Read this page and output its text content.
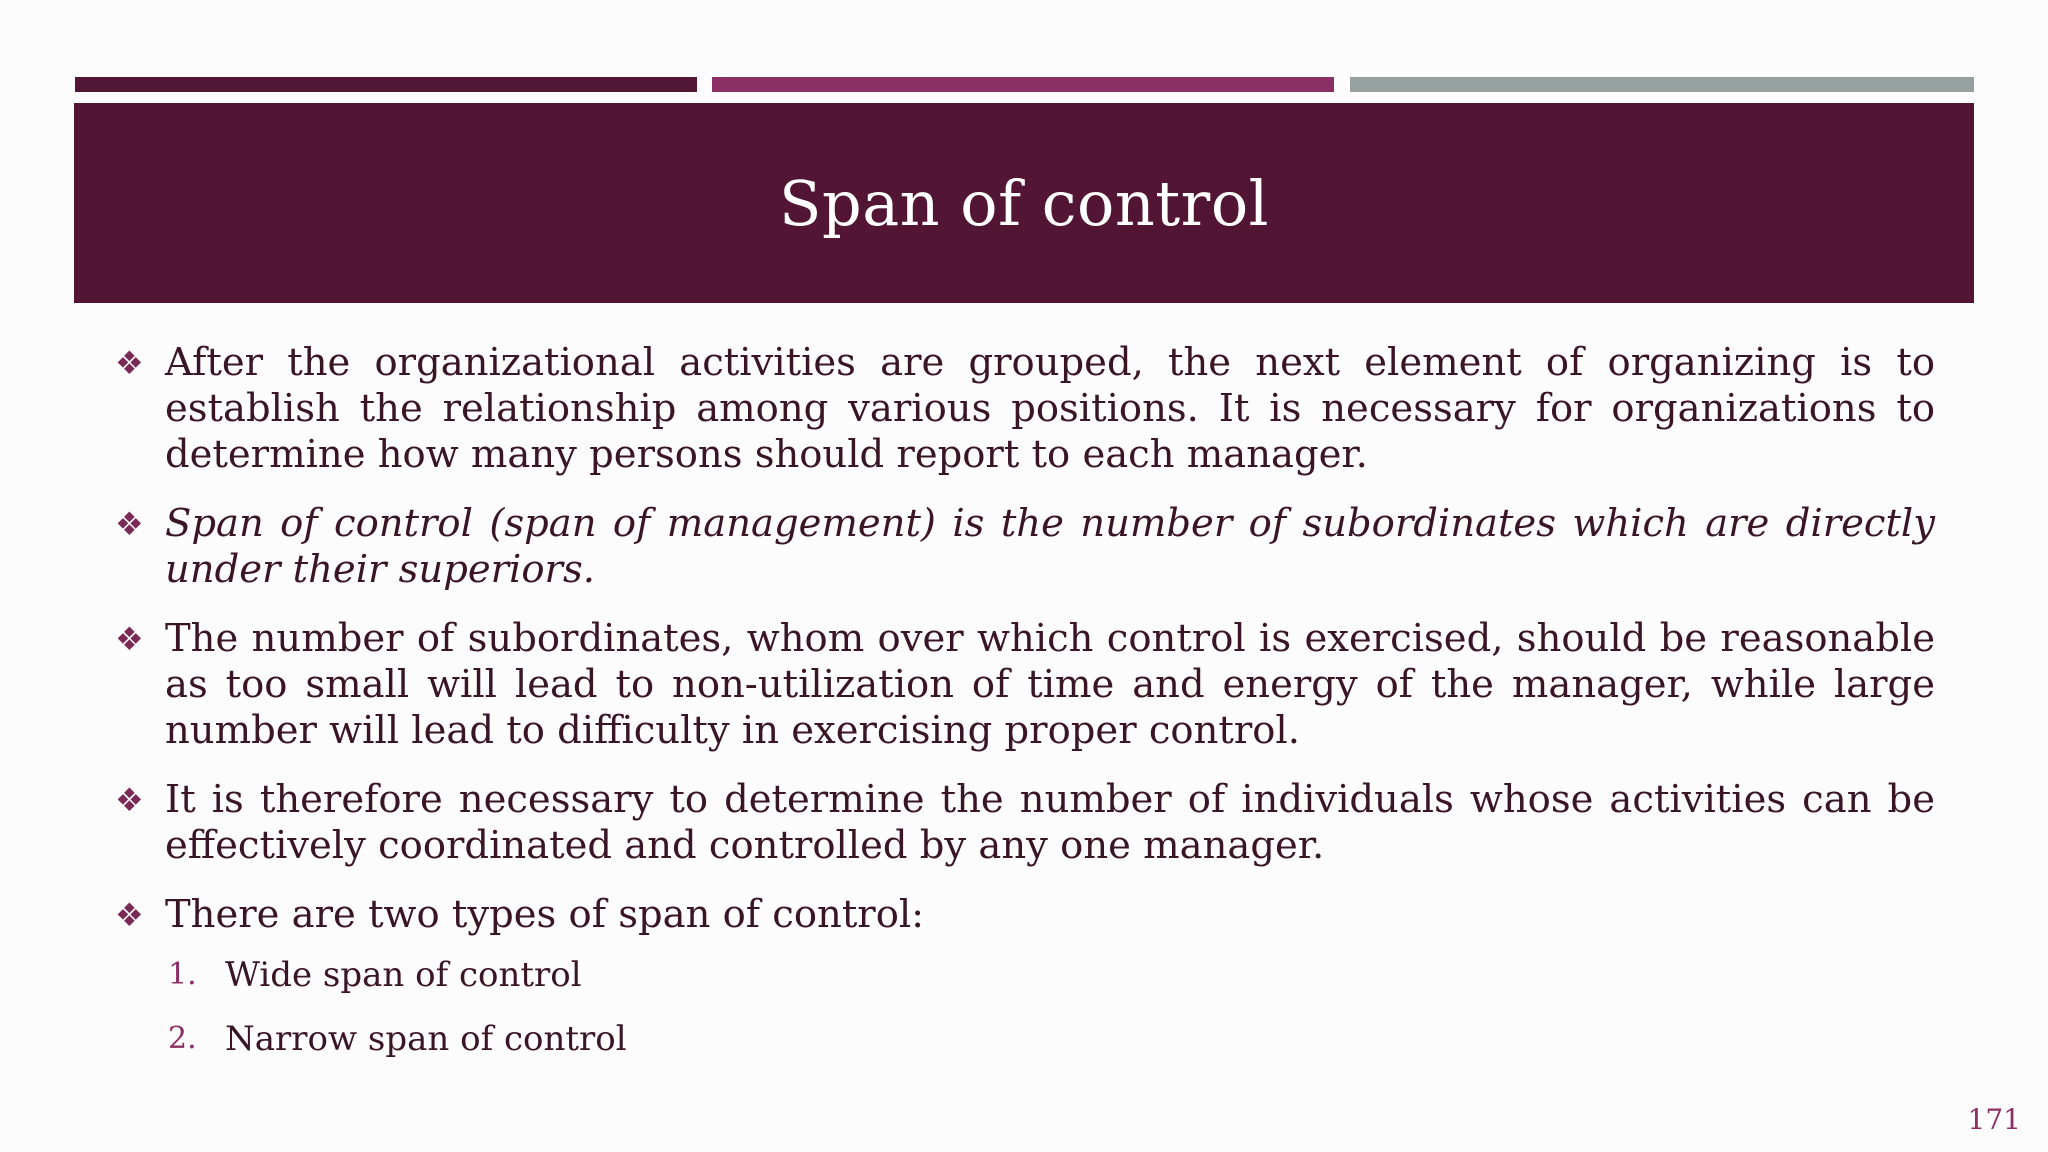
Span of control

❖ After the organizational activities are grouped, the next element of organizing is to establish the relationship among various positions. It is necessary for organizations to determine how many persons should report to each manager.

❖ Span of control (span of management) is the number of subordinates which are directly under their superiors.

❖ The number of subordinates, whom over which control is exercised, should be reasonable as too small will lead to non-utilization of time and energy of the manager, while large number will lead to difficulty in exercising proper control.

❖ It is therefore necessary to determine the number of individuals whose activities can be effectively coordinated and controlled by any one manager.

❖ There are two types of span of control:

1. Wide span of control

2. Narrow span of control

171
